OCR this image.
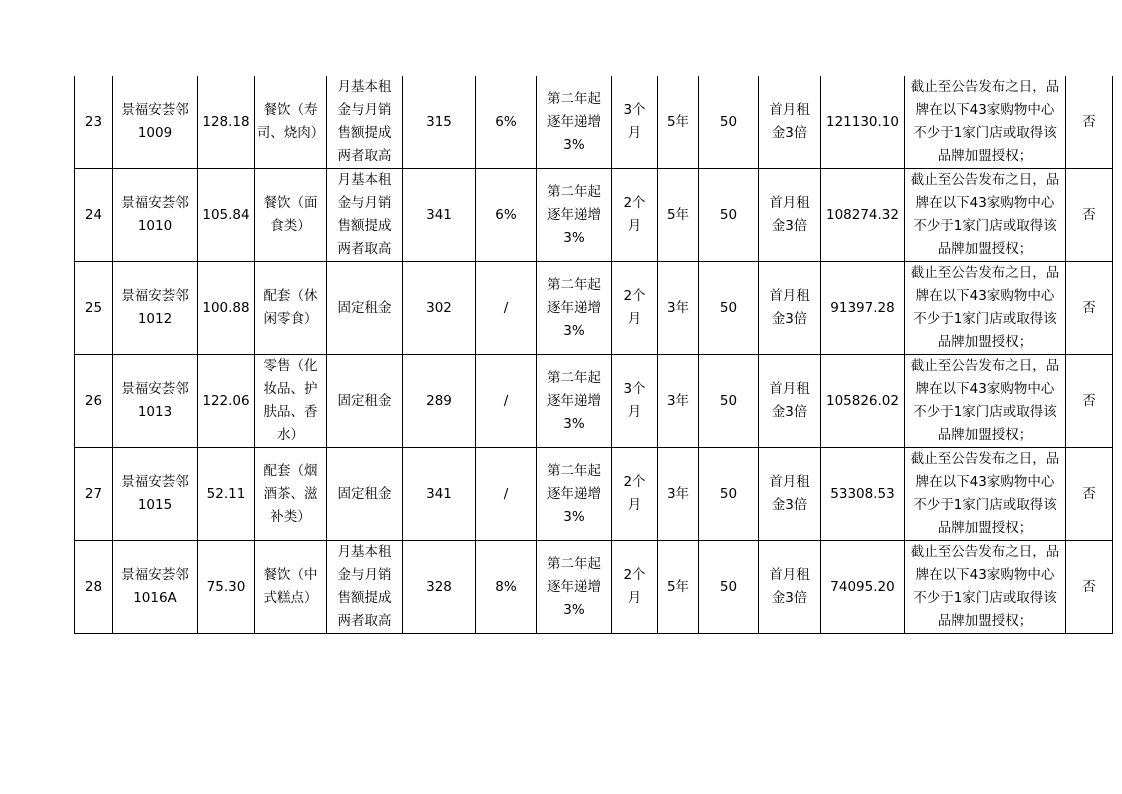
23	景福安荟邻
1009	128.18	餐饮（寿
司、烧肉）	月基本租
金与月销
售额提成
两者取高	315	6%	第二年起
逐年递增
3%	3个
月	5年	50	首月租
金3倍	121130.10	截止至公告发布之日，品
牌在以下43家购物中心
不少于1家门店或取得该
品牌加盟授权；	否
24	景福安荟邻
1010	105.84	餐饮（面
食类）	月基本租
金与月销
售额提成
两者取高	341	6%	第二年起
逐年递增
3%	2个
月	5年	50	首月租
金3倍	108274.32	截止至公告发布之日，品
牌在以下43家购物中心
不少于1家门店或取得该
品牌加盟授权；	否
25	景福安荟邻
1012	100.88	配套（休
闲零食）	固定租金	302	/	第二年起
逐年递增
3%	2个
月	3年	50	首月租
金3倍	91397.28	截止至公告发布之日，品
牌在以下43家购物中心
不少于1家门店或取得该
品牌加盟授权；	否
26	景福安荟邻
1013	122.06	零售（化
妆品、护
肤品、香
水）	固定租金	289	/	第二年起
逐年递增
3%	3个
月	3年	50	首月租
金3倍	105826.02	截止至公告发布之日，品
牌在以下43家购物中心
不少于1家门店或取得该
品牌加盟授权；	否
27	景福安荟邻
1015	52.11	配套（烟
酒茶、滋
补类）	固定租金	341	/	第二年起
逐年递增
3%	2个
月	3年	50	首月租
金3倍	53308.53	截止至公告发布之日，品
牌在以下43家购物中心
不少于1家门店或取得该
品牌加盟授权；	否
28	景福安荟邻
1016A	75.30	餐饮（中
式糕点）	月基本租
金与月销
售额提成
两者取高	328	8%	第二年起
逐年递增
3%	2个
月	5年	50	首月租
金3倍	74095.20	截止至公告发布之日，品
牌在以下43家购物中心
不少于1家门店或取得该
品牌加盟授权；	否
